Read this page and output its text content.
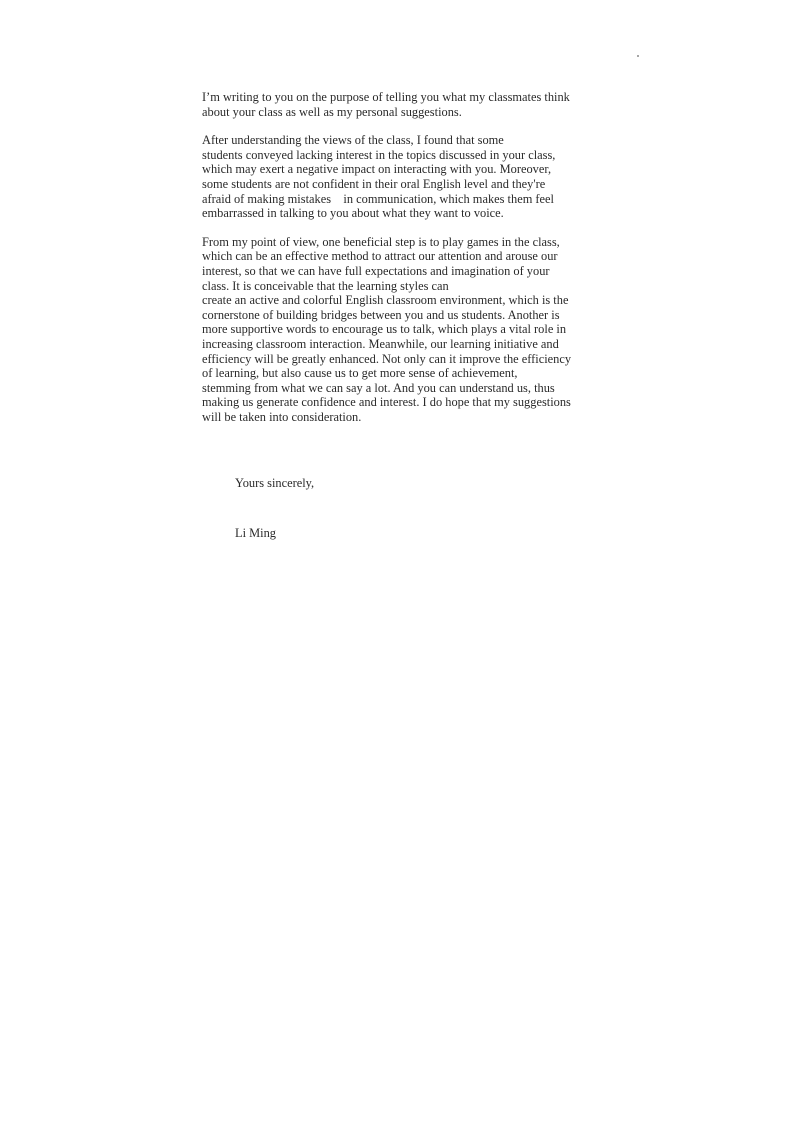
I’m writing to you on the purpose of telling you what my classmates think
about your class as well as my personal suggestions.

After understanding the views of the class, I found that some
students conveyed lacking interest in the topics discussed in your class,
which may exert a negative impact on interacting with you. Moreover,
some students are not confident in their oral English level and they're
afraid of making mistakes    in communication, which makes them feel
embarrassed in talking to you about what they want to voice.

From my point of view, one beneficial step is to play games in the class,
which can be an effective method to attract our attention and arouse our
interest, so that we can have full expectations and imagination of your
class. It is conceivable that the learning styles can
create an active and colorful English classroom environment, which is the
cornerstone of building bridges between you and us students. Another is
more supportive words to encourage us to talk, which plays a vital role in
increasing classroom interaction. Meanwhile, our learning initiative and
efficiency will be greatly enhanced. Not only can it improve the efficiency
of learning, but also cause us to get more sense of achievement,
stemming from what we can say a lot. And you can understand us, thus
making us generate confidence and interest. I do hope that my suggestions
will be taken into consideration.

Yours sincerely,
Li Ming
